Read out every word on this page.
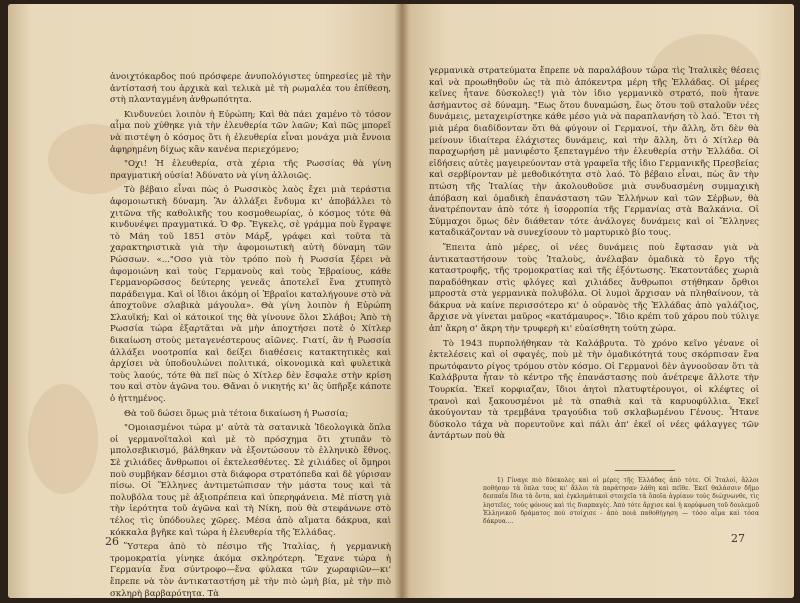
ἀνοιχτόκαρδος πού πρόσφερε ἀνυπολόγιστες ὑπηρεσίες μὲ τὴν ἀντίστασή του ἀρχικὰ καὶ τελικὰ μὲ τὴ ρωμαλέα του ἐπίθεση, στὴ πλανταγμένη ἀνθρωπότητα.

Κινδυνεύει λοιπὸν ἡ Εὐρώπη; Καὶ θὰ πάει χαμένο τὸ τόσον αἷμα ποὺ χύθηκε γιὰ τὴν ἐλευθερία τῶν λαῶν; Καὶ πῶς μπορεῖ νὰ πιστέψη ὁ κόσμος ὅτι ἡ ἐλευθερία εἶναι μονάχα μιὰ ἔννοια ἀφηρημένη δίχως κἂν κανένα περιεχόμενο;

"Οχι! Ἡ ἐλευθερία, στὰ χέρια τῆς Ρωσσίας θὰ γίνη πραγματική οὐσία! Ἀδύνατο νὰ γίνη ἀλλοιῶς.

Τὸ βέβαιο εἶναι πὼς ὁ Ρωσσικὸς λαὸς ἔχει μιὰ τεράστια ἀφομοιωτικὴ δύναμη. Ἂν ἀλλάξει ἔνδυμα κι' ἀποβάλλει τὸ χιτῶνα τῆς καθολικῆς του κοσμοθεωρίας, ὁ κόσμος τότε θὰ κινδυνέψει πραγματικά. Ὁ Φρ. Ἔγκελς, σὲ γράμμα ποὺ ἔγραψε τὸ Μάη τοῦ 1851 στὸν Μάρξ, γράφει καὶ τοῦτα τὰ χαρακτηριστικὰ γιὰ τὴν ἀφομοιωτικὴ αὐτὴ δύναμη τῶν Ρώσσων. «..."Οσο γιὰ τὸν τρόπο ποὺ ἡ Ρωσσία ξέρει νὰ ἀφομοιώνη καὶ τοὺς Γερμανοὺς καὶ τοὺς Ἑβραίους, κάθε Γερμανορῶσσος δεύτερης γενεᾶς ἀποτελεῖ ἕνα χτυπητὸ παράδειγμα. Καὶ οἱ ἴδιοι ἀκόμη οἱ Ἑβραῖοι καταλήγουνε στὸ νὰ ἀποχτοῦνε σλαβικὰ μάγουλα». Θὰ γίνη λοιπὸν ἡ Εὐρώπη Σλαυϊκή; Καὶ οἱ κάτοικοί της θὰ γίνουνε ὅλοι Σλάβοι; Ἀπὸ τὴ Ρωσσία τώρα ἐξαρτᾶται νὰ μὴν ἀποχτήσει ποτὲ ὁ Χίτλερ δικαίωση στοὺς μεταγενέστερους αἰῶνες. Γιατί, ἂν ἡ Ρωσσία ἀλλάξει νοοτροπία καὶ δείξει διαθέσεις κατακτητικὲς καὶ ἀρχίσει νὰ ὑποδουλώνει πολιτικά, οἰκονομικὰ καὶ φυλετικὰ τοὺς λαούς, τότε θὰ πεῖ πὼς ὁ Χίτλερ δὲν ἔσφαλε στὴν κρίση του καὶ στὸν ἀγῶνα του. Θἄναι ὁ νικητής κι' ἂς ὑπῆρξε κάποτε ὁ ἡττημένος.

Θὰ τοῦ δώσει ὅμως μιὰ τέτοια δικαίωση ἡ Ρωσσία;

"Ομοιασμένοι τώρα μ' αὐτὰ τὰ σατανικὰ Ἰδεολογικὰ ὅπλα οἱ γερμανοϊταλοὶ καὶ μὲ τὸ πρόσχημα ὅτι χτυπᾶν τὸ μπολσεβικισμό, βάλθηκαν νὰ ἐξοντώσουν τὸ ἑλληνικὸ ἔθνος. Σὲ χιλιάδες ἄνθρωποι οἱ ἐκτελεσθέντες. Σὲ χιλιάδες οἱ ὅμηροι ποὺ συμβήκαν δέσμιοι στὰ διάφορα στρατόπεδα καὶ δὲ γύρισαν πίσω. Οἱ Ἕλληνες ἀντιμετώπισαν τὴν μάστα τους καὶ τὰ πολυβόλα τους μὲ ἀξιοπρέπεια καὶ ὑπερηφάνεια. Μὲ πίστη γιὰ τὴν ἱερότητα τοῦ ἀγῶνα καὶ τὴ Νίκη, ποὺ θὰ στεφάνωνε στὸ τέλος τὶς ὑπόδουλες χῶρες. Μέσα ἀπὸ αἵματα δάκρυα, καὶ κόκκαλα βγῆκε καὶ τώρα ἡ ἐλευθερία τῆς Ἑλλάδας.

Ὕστερα ἀπὸ τὸ πέσιμο τῆς Ἰταλίας, ἡ γερμανικὴ τρομοκρατία γίνηκε ἀκόμα σκληρότερη. Ἔχανε τώρα ἡ Γερμανία ἕνα σύντροφο—ἕνα φύλακα τῶν χωραφιῶν—κι' ἔπρεπε νὰ τὸν ἀντικαταστήση μὲ τὴν πιὸ ὠμὴ βία, μὲ τὴν πιὸ σκληρὴ βαρβαρότητα. Τὰ

26

γερμανικὰ στρατεύματα ἔπρεπε νὰ παραλάβουν τώρα τὶς Ἰταλικὲς θέσεις καὶ νὰ προωθηθοῦν ὡς τὰ πιὸ ἀπόκεντρα μέρη τῆς Ἑλλάδας. Οἱ μέρες κεῖνες ἦτανε δύσκολες!) γιὰ τὸν ἰδιο γερμανικὸ στρατό, ποὺ ἦτανε ἀσήμαντος σὲ δύναμη. "Εως ὅτου δυναμώση, ἕως ὅτου τοῦ σταλοῦν νέες δυνάμεις, μεταχειρίστηκε κάθε μέσο γιὰ νὰ παραπλανήση τὸ λαό. Ἔτσι τὴ μιὰ μέρα διαδίδονταν ὅτι θὰ φύγουν οἱ Γερμανοί, τὴν ἄλλη, ὅτι δὲν θὰ μείνουν ἰδιαίτερα ἐλάχιστες δυνάμεις, καὶ τὴν ἄλλη, ὅτι ὁ Χίτλερ θὰ παραχωρήση μὲ μανιφέστο ξεπεταγμένο τὴν ἐλευθερία στὴν Ἑλλάδα. Οἱ εἰδήσεις αὐτὲς μαγειρεύονταν στὰ γραφεῖα τῆς ἰδιο Γερμανικῆς Πρεσβείας καὶ σερβίρονταν μὲ μεθοδικότητα στὸ λαό. Τὸ βέβαιο εἶναι, πὼς ἂν τὴν πτώση τῆς Ἰταλίας τὴν ἀκολουθοῦσε μιὰ συνδυασμένη συμμαχικὴ ἀπόβαση καὶ ὁμαδικὴ ἐπανάσταση τῶν Ἑλλήνων καὶ τῶν Σέρβων, θὰ ἀνατρέπονταν ἀπὸ τότε ἡ ἰσορροπία τῆς Γερμανίας στὰ Βαλκάνια. Οἱ Σύμμαχοι ὅμως δὲν διάθεταν τότε ἀνάλογες δυνάμεις καὶ οἱ Ἕλληνες καταδικάζονταν νὰ συνεχίσουν τὸ μαρτυρικὸ βίο τους.

Ἔπειτα ἀπὸ μέρες, οἱ νέες δυνάμεις ποὺ ἔφτασαν γιὰ νὰ ἀντικαταστήσουν τοὺς Ἰταλοὺς, ἀνέλαβαν ὁμαδικὰ τὸ ἔργο τῆς καταστροφῆς, τῆς τρομοκρατίας καὶ τῆς ἐξόντωσης. Ἑκατοντάδες χωριὰ παραδόθηκαν στὶς φλόγες καὶ χιλιάδες ἄνθρωποι στήθηκαν ὄρθιοι μπροστὰ στὰ γερμανικὰ πολυβόλα. Οἱ λυμοὶ ἄρχισαν νὰ πληθαίνουν, τὰ δάκρυα νὰ καίνε περισσότερο κι' ὁ οὐρανὸς τῆς Ἑλλάδας ἀπὸ γαλάζιος, ἄρχισε νὰ γίνεται μαῦρος «κατάμαυρος». Ἴδιο κρέπι τοῦ χάρου ποὺ τύλιγε ἀπ' ἄκρη σ' ἄκρη τὴν τρυφερὴ κι' εὐαίσθητη τούτη χώρα.

Τὸ 1943 πυρπολήθηκαν τὰ Καλάβρυτα. Τὸ χρόνο κεῖνο γένανε οἱ ἐκτελέσεις καὶ οἱ σφαγές, ποὺ μὲ τὴν ὁμαδικότητά τους σκόρπισαν ἕνα πρωτόφαντο ρίγος τρόμου στὸν κόσμο. Οἱ Γερμανοὶ δὲν ἀγνοοῦσαν ὅτι τὰ Καλάβρυτα ἦταν τὸ κέντρο τῆς ἐπανάστασης ποὺ ἀνέτρεψε ἄλλοτε τὴν Τουρκία. Ἐκεῖ κορφιαζαν, ἴδιοι ἀητοὶ πλατυφτέρουγοι, οἱ κλέφτες οἱ τρανοὶ καὶ ξακουσμένοι μὲ τὰ σπαθιὰ καὶ τὰ καρυοφύλλια. Ἐκεῖ ἀκούγονταν τὰ τρεμβάνα τραγούδια τοῦ σκλαβωμένου Γένους. Ἦτανε δύσκολο τάχα νὰ πορευτοῦνε καὶ πάλι ἀπ' ἐκεῖ οἱ νέες φάλαγγες τῶν ἀντάρτων ποὺ θὰ

1) Γίναγε πιὸ δύσκολες καὶ οἱ μέρες τῆς Ἑλλάδας ἀπὸ τότε. Οἱ Ἰταλοί, ἄλλοι ποθήσαν τὰ ὅπλα τους κι' ἄλλοι τὰ παράτησαν λάθη καὶ πεῖθε. Ἐκεῖ θαλάσσιν δῆμο δεσπαΐα ἴδια τὰ ὅντα, καὶ ἐγκλημάτικοὶ στοιχεῖα τὰ ὅποῖα ἀγρίαυν τοὺς διώχνωνθε, τὶς ληστεῖες, τοὺς φόνους καὶ τὶς διαρπαγές. Ἀπὸ τότε ἄρχισε καὶ ἡ κορύφωση τοῦ δουλεμοῦ Ἑλληνικοῦ δράματος ποὺ στοίχισε - ἀπὸ ποιά παθοθήγηση — τόσο αἷμα καὶ τόσα δάκρυα....

27
